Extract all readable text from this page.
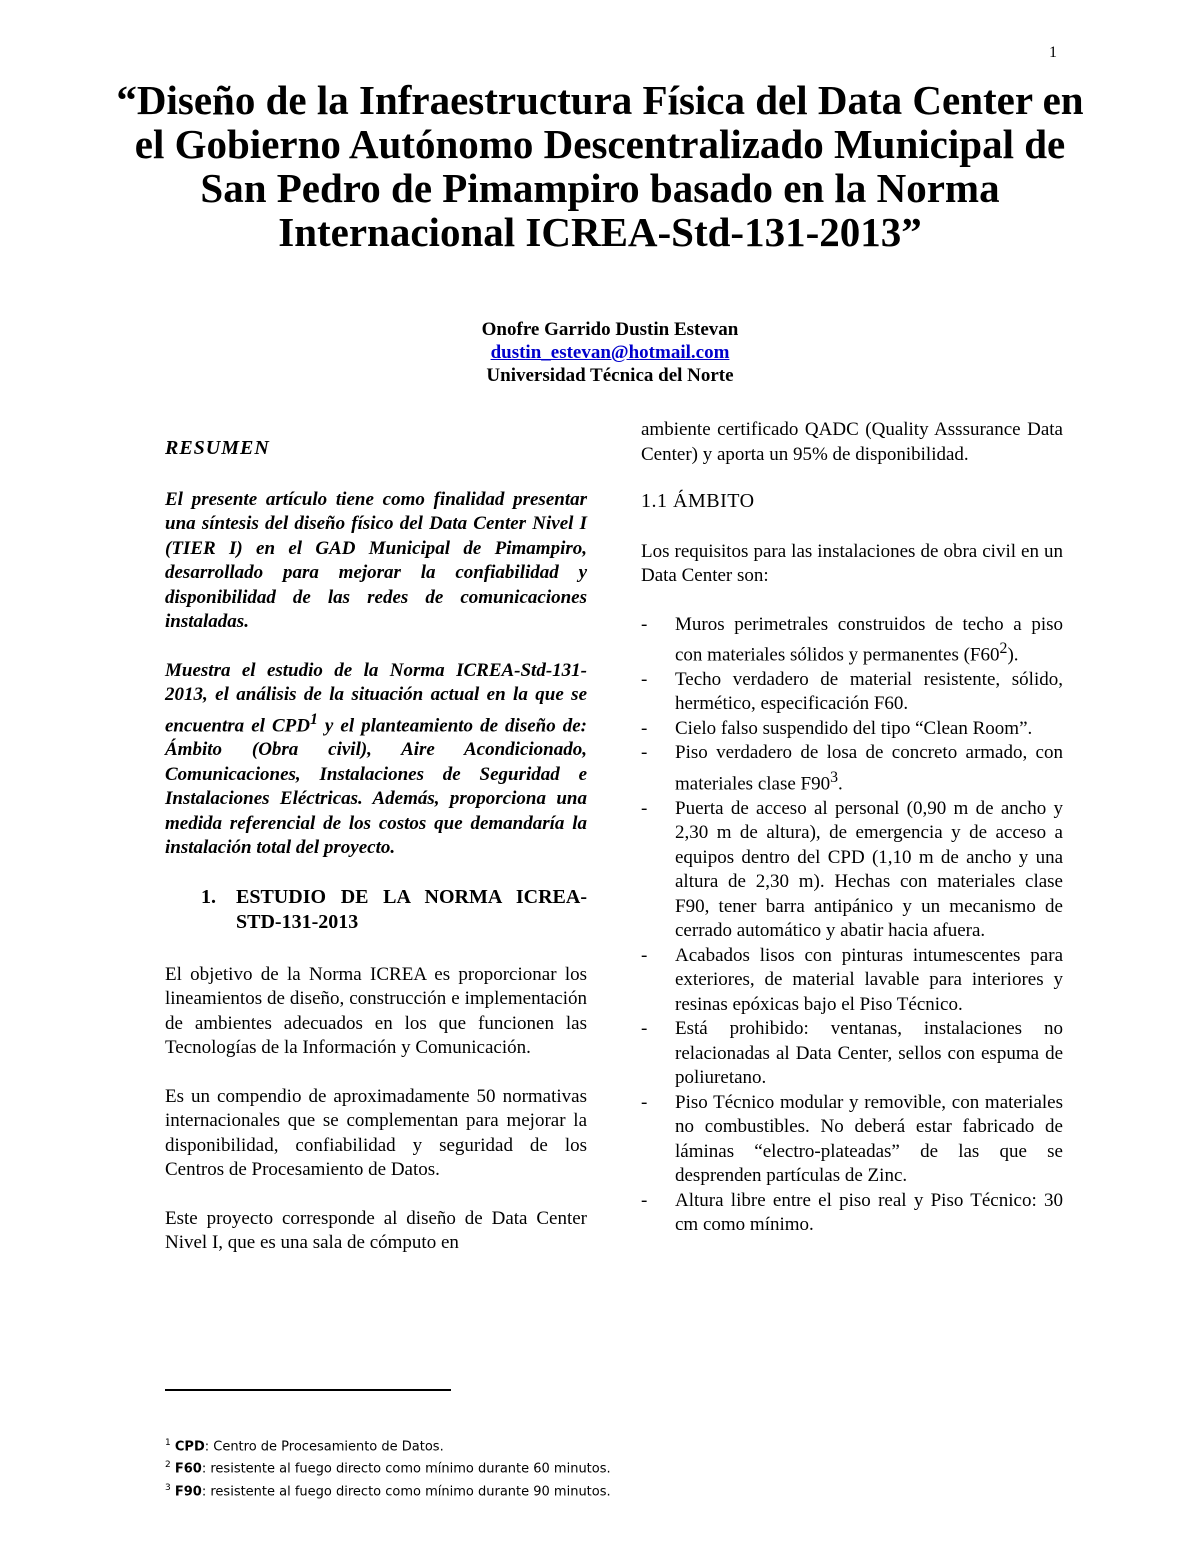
1
“Diseño de la Infraestructura Física del Data Center en el Gobierno Autónomo Descentralizado Municipal de San Pedro de Pimampiro basado en la Norma Internacional ICREA-Std-131-2013”
Onofre Garrido Dustin Estevan
dustin_estevan@hotmail.com
Universidad Técnica del Norte
RESUMEN

El presente artículo tiene como finalidad presentar una síntesis del diseño físico del Data Center Nivel I (TIER I) en el GAD Municipal de Pimampiro, desarrollado para mejorar la confiabilidad y disponibilidad de las redes de comunicaciones instaladas.

Muestra el estudio de la Norma ICREA-Std-131-2013, el análisis de la situación actual en la que se encuentra el CPD$^1$ y el planteamiento de diseño de: Ámbito (Obra civil), Aire Acondicionado, Comunicaciones, Instalaciones de Seguridad e Instalaciones Eléctricas. Además, proporciona una medida referencial de los costos que demandaría la instalación total del proyecto.

1.	ESTUDIO DE LA NORMA ICREA-STD-131-2013

El objetivo de la Norma ICREA es proporcionar los lineamientos de diseño, construcción e implementación de ambientes adecuados en los que funcionen las Tecnologías de la Información y Comunicación.

Es un compendio de aproximadamente 50 normativas internacionales que se complementan para mejorar la disponibilidad, confiabilidad y seguridad de los Centros de Procesamiento de Datos.

Este proyecto corresponde al diseño de Data Center Nivel I, que es una sala de cómputo en

ambiente certificado QADC (Quality Asssurance Data Center) y aporta un 95% de disponibilidad.

1.1 ÁMBITO

Los requisitos para las instalaciones de obra civil en un Data Center son:

-	Muros perimetrales construidos de techo a piso con materiales sólidos y permanentes $(F60^2)$.
-	Techo verdadero de material resistente, sólido, hermético, especificación F60.
-	Cielo falso suspendido del tipo “Clean Room”.
-	Piso verdadero de losa de concreto armado, con materiales clase $F90^3$.
-	Puerta de acceso al personal (0,90 m de ancho y 2,30 m de altura), de emergencia y de acceso a equipos dentro del CPD (1,10 m de ancho y una altura de 2,30 m). Hechas con materiales clase F90, tener barra antipánico y un mecanismo de cerrado automático y abatir hacia afuera.
-	Acabados lisos con pinturas intumescentes para exteriores, de material lavable para interiores y resinas epóxicas bajo el Piso Técnico.
-	Está prohibido: ventanas, instalaciones no relacionadas al Data Center, sellos con espuma de poliuretano.
-	Piso Técnico modular y removible, con materiales no combustibles. No deberá estar fabricado de láminas “electro-plateadas” de las que se desprenden partículas de Zinc.
-	Altura libre entre el piso real y Piso Técnico: 30 cm como mínimo.
$^1$ CPD: Centro de Procesamiento de Datos.
$^2$ F60: resistente al fuego directo como mínimo durante 60 minutos.
$^3$ F90: resistente al fuego directo como mínimo durante 90 minutos.
